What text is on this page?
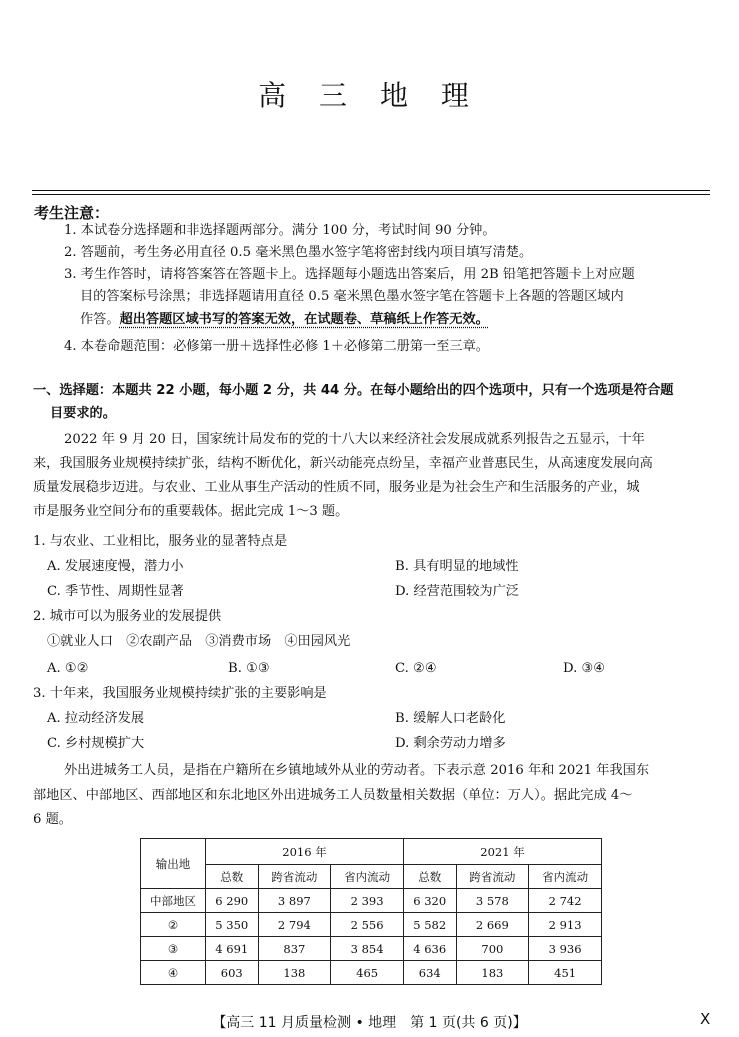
高 三 地 理
考生注意：
1. 本试卷分选择题和非选择题两部分。满分 100 分，考试时间 90 分钟。
2. 答题前，考生务必用直径 0.5 毫米黑色墨水签字笔将密封线内项目填写清楚。
3. 考生作答时，请将答案答在答题卡上。选择题每小题选出答案后，用 2B 铅笔把答题卡上对应题
目的答案标号涂黑；非选择题请用直径 0.5 毫米黑色墨水签字笔在答题卡上各题的答题区域内
作答。超出答题区域书写的答案无效，在试题卷、草稿纸上作答无效。
4. 本卷命题范围：必修第一册＋选择性必修 1＋必修第二册第一至三章。
一、选择题：本题共 22 小题，每小题 2 分，共 44 分。在每小题给出的四个选项中，只有一个选项是符合题
目要求的。
2022 年 9 月 20 日，国家统计局发布的党的十八大以来经济社会发展成就系列报告之五显示，十年
来，我国服务业规模持续扩张，结构不断优化，新兴动能亮点纷呈，幸福产业普惠民生，从高速度发展向高
质量发展稳步迈进。与农业、工业从事生产活动的性质不同，服务业是为社会生产和生活服务的产业，城
市是服务业空间分布的重要载体。据此完成 1～3 题。
1. 与农业、工业相比，服务业的显著特点是
A. 发展速度慢，潜力小	B. 具有明显的地域性
C. 季节性、周期性显著	D. 经营范围较为广泛
2. 城市可以为服务业的发展提供
①就业人口　②农副产品　③消费市场　④田园风光
A. ①②	B. ①③	C. ②④	D. ③④
3. 十年来，我国服务业规模持续扩张的主要影响是
A. 拉动经济发展	B. 缓解人口老龄化
C. 乡村规模扩大	D. 剩余劳动力增多
外出进城务工人员，是指在户籍所在乡镇地域外从业的劳动者。下表示意 2016 年和 2021 年我国东
部地区、中部地区、西部地区和东北地区外出进城务工人员数量相关数据（单位：万人）。据此完成 4～
6 题。
输出地	2016 年			2021 年		
	总数	跨省流动	省内流动	总数	跨省流动	省内流动
中部地区	6 290	3 897	2 393	6 320	3 578	2 742
②	5 350	2 794	2 556	5 582	2 669	2 913
③	4 691	837	3 854	4 636	700	3 936
④	603	138	465	634	183	451
【高三 11 月质量检测 • 地理　第 1 页(共 6 页)】	X
